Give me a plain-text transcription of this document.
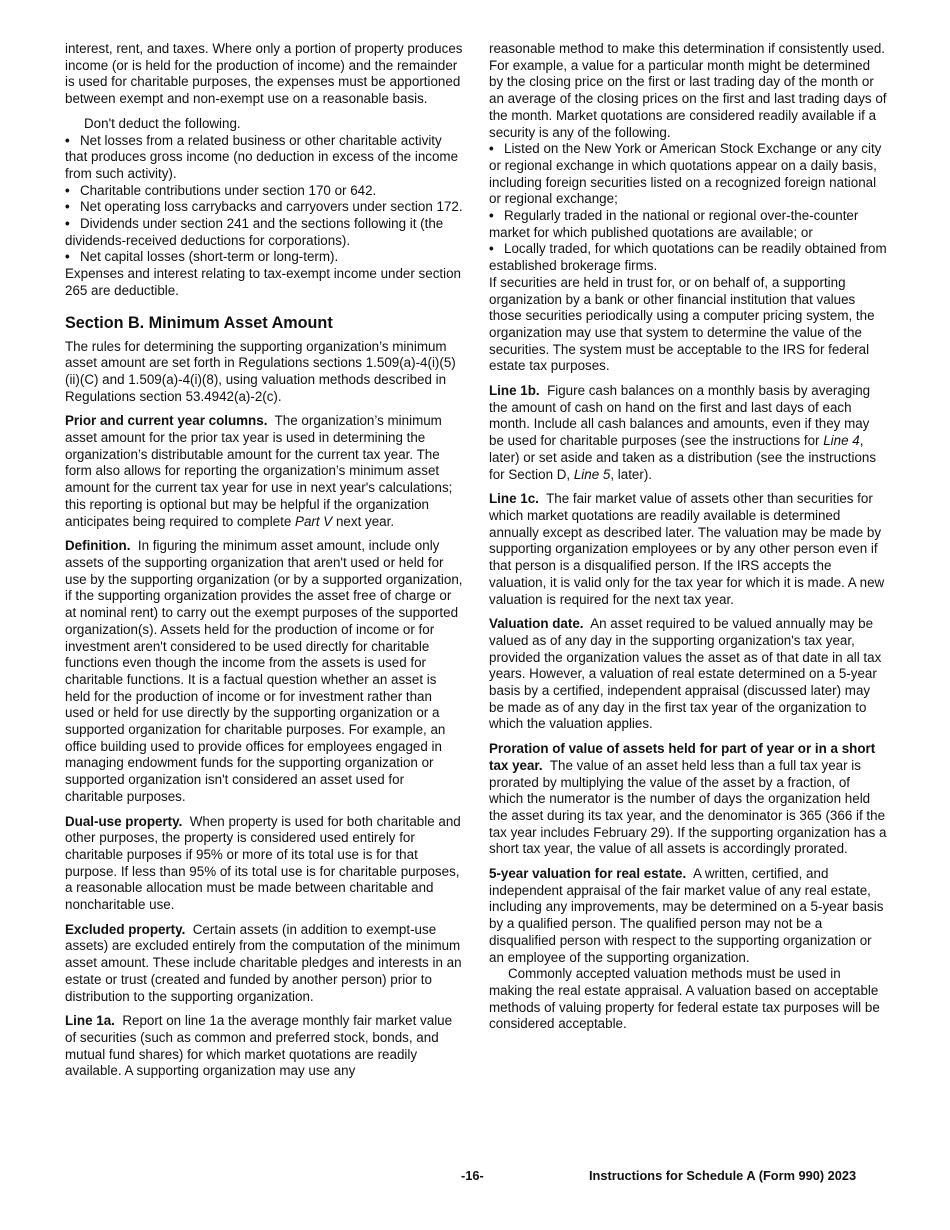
interest, rent, and taxes. Where only a portion of property produces income (or is held for the production of income) and the remainder is used for charitable purposes, the expenses must be apportioned between exempt and non-exempt use on a reasonable basis.

Don't deduct the following.

• Net losses from a related business or other charitable activity that produces gross income (no deduction in excess of the income from such activity).
• Charitable contributions under section 170 or 642.
• Net operating loss carrybacks and carryovers under section 172.
• Dividends under section 241 and the sections following it (the dividends-received deductions for corporations).
• Net capital losses (short-term or long-term).

Expenses and interest relating to tax-exempt income under section 265 are deductible.

Section B. Minimum Asset Amount

The rules for determining the supporting organization’s minimum asset amount are set forth in Regulations sections 1.509(a)-4(i)(5)(ii)(C) and 1.509(a)-4(i)(8), using valuation methods described in Regulations section 53.4942(a)-2(c).

Prior and current year columns. The organization’s minimum asset amount for the prior tax year is used in determining the organization’s distributable amount for the current tax year. The form also allows for reporting the organization’s minimum asset amount for the current tax year for use in next year's calculations; this reporting is optional but may be helpful if the organization anticipates being required to complete Part V next year.

Definition. In figuring the minimum asset amount, include only assets of the supporting organization that aren't used or held for use by the supporting organization (or by a supported organization, if the supporting organization provides the asset free of charge or at nominal rent) to carry out the exempt purposes of the supported organization(s). Assets held for the production of income or for investment aren't considered to be used directly for charitable functions even though the income from the assets is used for charitable functions. It is a factual question whether an asset is held for the production of income or for investment rather than used or held for use directly by the supporting organization or a supported organization for charitable purposes. For example, an office building used to provide offices for employees engaged in managing endowment funds for the supporting organization or supported organization isn't considered an asset used for charitable purposes.

Dual-use property. When property is used for both charitable and other purposes, the property is considered used entirely for charitable purposes if 95% or more of its total use is for that purpose. If less than 95% of its total use is for charitable purposes, a reasonable allocation must be made between charitable and noncharitable use.

Excluded property. Certain assets (in addition to exempt-use assets) are excluded entirely from the computation of the minimum asset amount. These include charitable pledges and interests in an estate or trust (created and funded by another person) prior to distribution to the supporting organization.

Line 1a. Report on line 1a the average monthly fair market value of securities (such as common and preferred stock, bonds, and mutual fund shares) for which market quotations are readily available. A supporting organization may use any

reasonable method to make this determination if consistently used. For example, a value for a particular month might be determined by the closing price on the first or last trading day of the month or an average of the closing prices on the first and last trading days of the month. Market quotations are considered readily available if a security is any of the following.

• Listed on the New York or American Stock Exchange or any city or regional exchange in which quotations appear on a daily basis, including foreign securities listed on a recognized foreign national or regional exchange;
• Regularly traded in the national or regional over-the-counter market for which published quotations are available; or
• Locally traded, for which quotations can be readily obtained from established brokerage firms.

If securities are held in trust for, or on behalf of, a supporting organization by a bank or other financial institution that values those securities periodically using a computer pricing system, the organization may use that system to determine the value of the securities. The system must be acceptable to the IRS for federal estate tax purposes.

Line 1b. Figure cash balances on a monthly basis by averaging the amount of cash on hand on the first and last days of each month. Include all cash balances and amounts, even if they may be used for charitable purposes (see the instructions for Line 4, later) or set aside and taken as a distribution (see the instructions for Section D, Line 5, later).

Line 1c. The fair market value of assets other than securities for which market quotations are readily available is determined annually except as described later. The valuation may be made by supporting organization employees or by any other person even if that person is a disqualified person. If the IRS accepts the valuation, it is valid only for the tax year for which it is made. A new valuation is required for the next tax year.

Valuation date. An asset required to be valued annually may be valued as of any day in the supporting organization's tax year, provided the organization values the asset as of that date in all tax years. However, a valuation of real estate determined on a 5-year basis by a certified, independent appraisal (discussed later) may be made as of any day in the first tax year of the organization to which the valuation applies.

Proration of value of assets held for part of year or in a short tax year. The value of an asset held less than a full tax year is prorated by multiplying the value of the asset by a fraction, of which the numerator is the number of days the organization held the asset during its tax year, and the denominator is 365 (366 if the tax year includes February 29). If the supporting organization has a short tax year, the value of all assets is accordingly prorated.

5-year valuation for real estate. A written, certified, and independent appraisal of the fair market value of any real estate, including any improvements, may be determined on a 5-year basis by a qualified person. The qualified person may not be a disqualified person with respect to the supporting organization or an employee of the supporting organization.

Commonly accepted valuation methods must be used in making the real estate appraisal. A valuation based on acceptable methods of valuing property for federal estate tax purposes will be considered acceptable.

-16-	Instructions for Schedule A (Form 990) 2023
